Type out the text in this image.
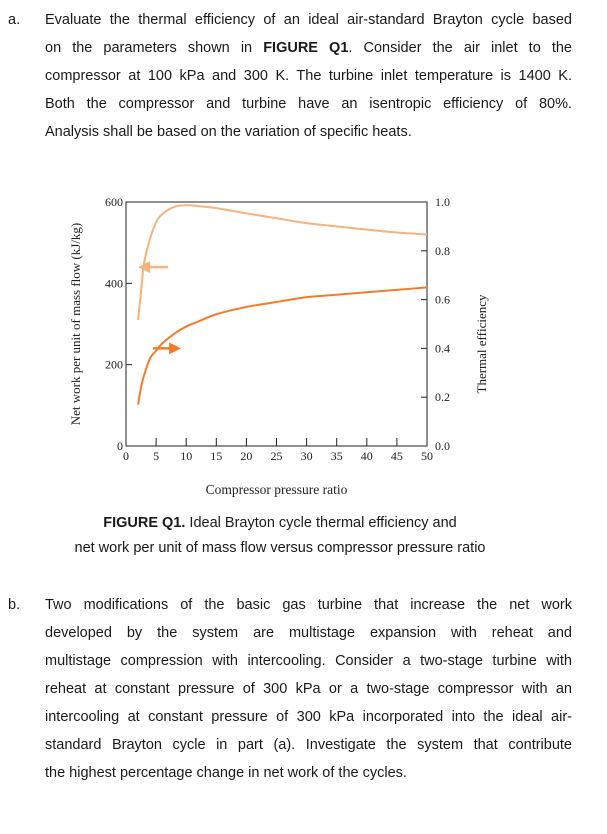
a. Evaluate the thermal efficiency of an ideal air-standard Brayton cycle based
on the parameters shown in FIGURE Q1. Consider the air inlet to the
compressor at 100 kPa and 300 K. The turbine inlet temperature is 1400 K.
Both the compressor and turbine have an isentropic efficiency of 80%.
Analysis shall be based on the variation of specific heats.
0
200
400
600
0.0
0.2
0.4
0.6
0.8
1.0
0 5 10 15 20 25 30 35 40 45 50
Compressor pressure ratio
Net work per unit of mass flow (kJ/kg)	Thermal efficiency
FIGURE Q1. Ideal Brayton cycle thermal efficiency and
net work per unit of mass flow versus compressor pressure ratio
b. Two modifications of the basic gas turbine that increase the net work
developed by the system are multistage expansion with reheat and
multistage compression with intercooling. Consider a two-stage turbine with
reheat at constant pressure of 300 kPa or a two-stage compressor with an
intercooling at constant pressure of 300 kPa incorporated into the ideal air-
standard Brayton cycle in part (a). Investigate the system that contribute
the highest percentage change in net work of the cycles.
